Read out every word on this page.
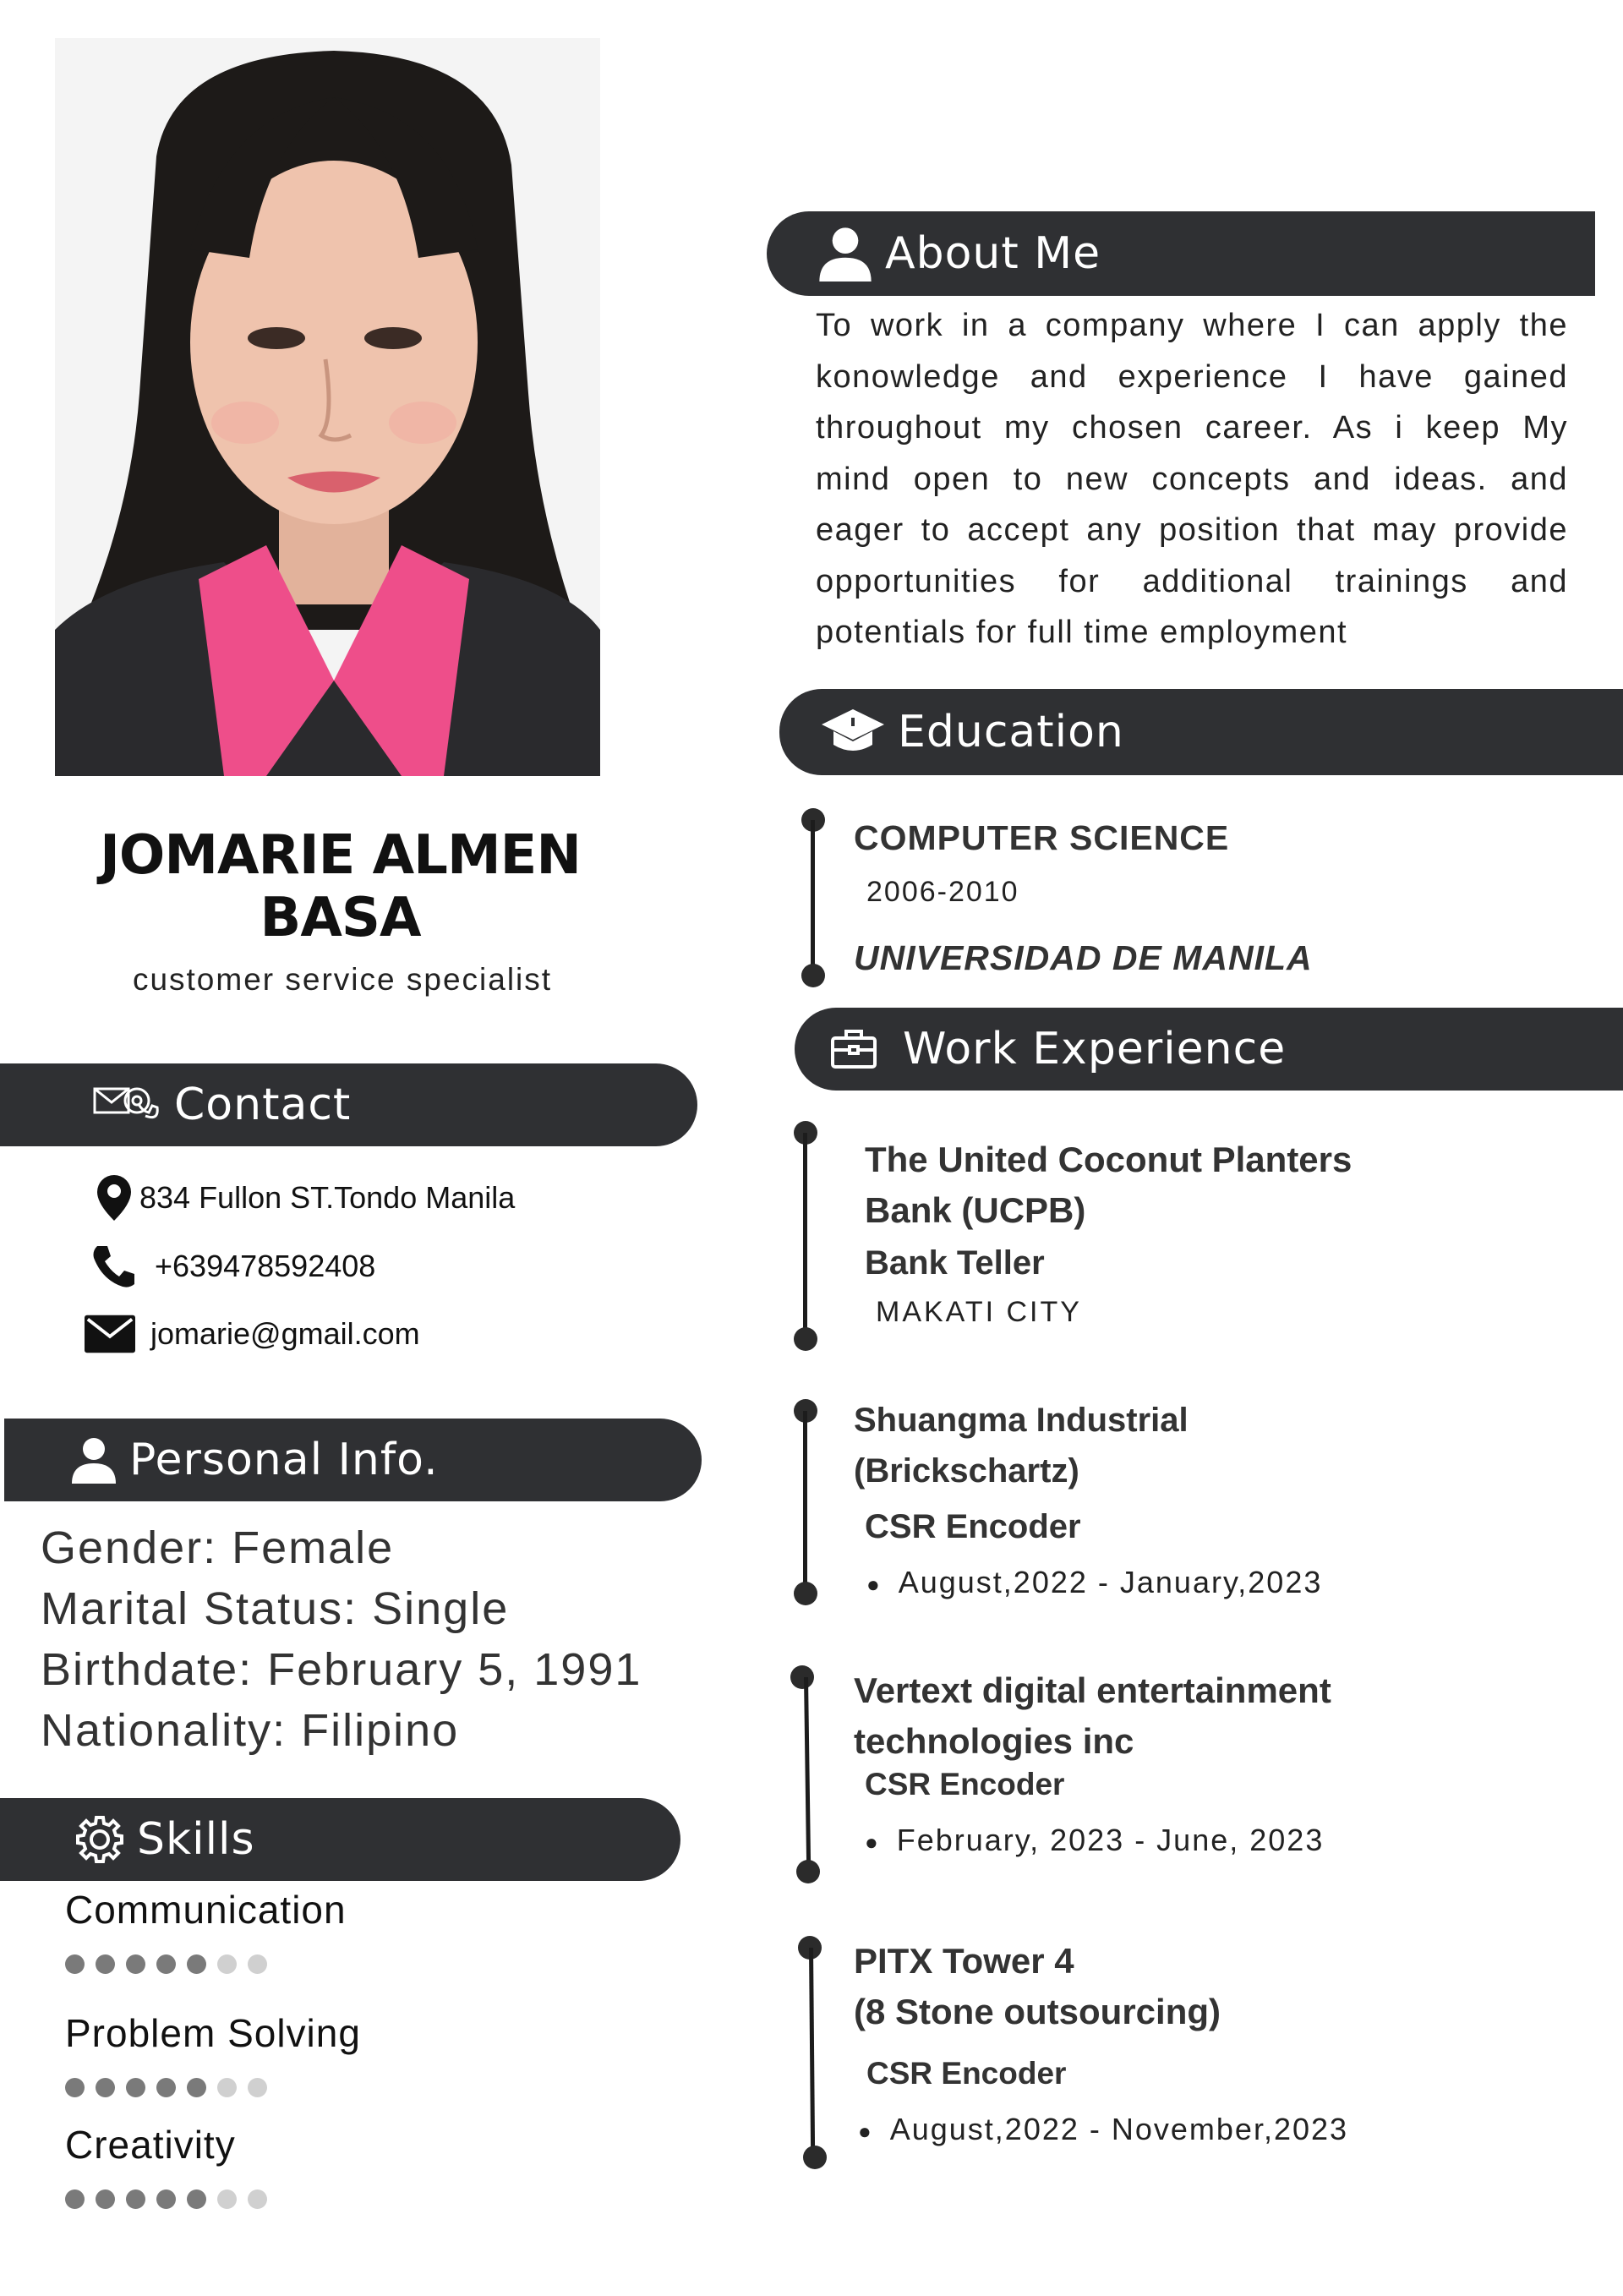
JOMARIE ALMEN
BASA
customer service specialist
Contact
834 Fullon ST.Tondo Manila
+639478592408
jomarie@gmail.com
Personal Info.
Gender: Female
Marital Status: Single
Birthdate: February 5, 1991
Nationality: Filipino
Skills
Communication
Problem Solving
Creativity
About Me
To work in a company where I can apply the konowledge and experience I have gained throughout my chosen career. As i keep My mind open to new concepts and ideas. and eager to accept any position that may provide opportunities for additional trainings and potentials for full time employment
Education
COMPUTER SCIENCE
2006-2010
UNIVERSIDAD DE MANILA
Work Experience
The United Coconut Planters
Bank (UCPB)
Bank Teller
MAKATI CITY
Shuangma Industrial
(Brickschartz)
CSR Encoder
● August,2022 - January,2023
Vertext digital entertainment
technologies inc
CSR Encoder
● February, 2023 - June, 2023
PITX Tower 4
(8 Stone outsourcing)
CSR Encoder
● August,2022 - November,2023
